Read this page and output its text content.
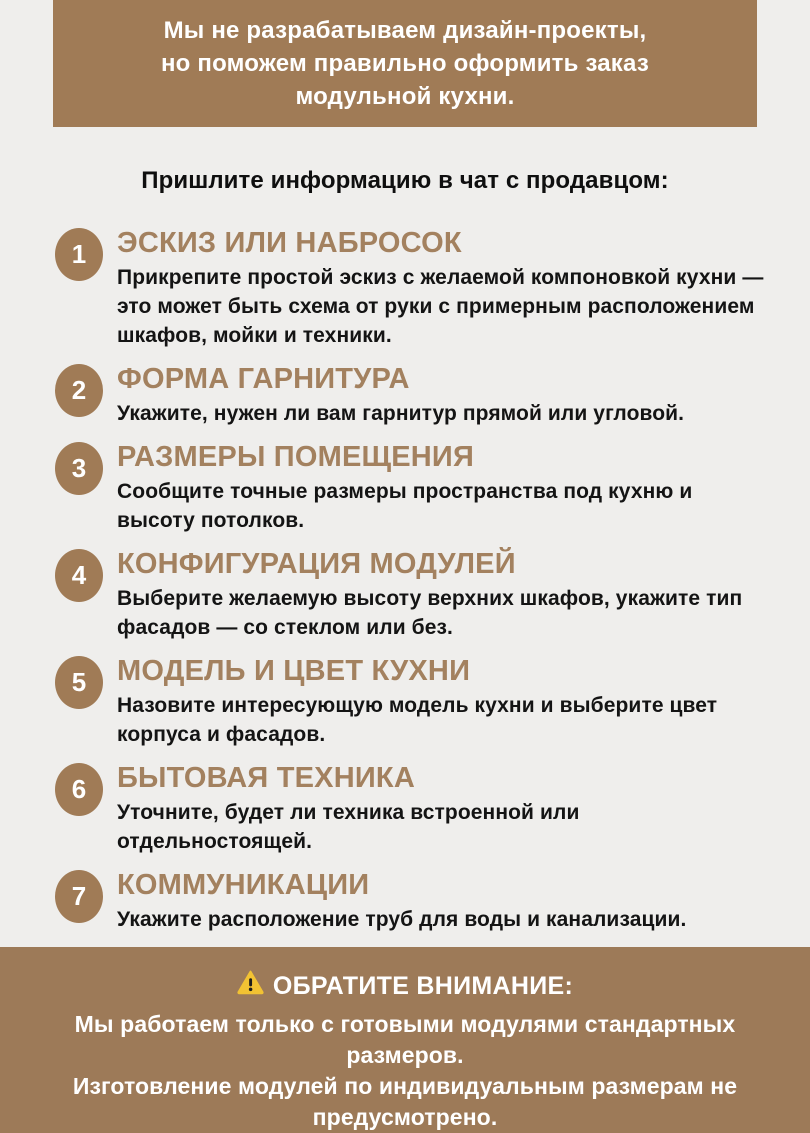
Мы не разрабатываем дизайн-проекты,
но поможем правильно оформить заказ
модульной кухни.
Пришлите информацию в чат с продавцом:
1	ЭСКИЗ ИЛИ НАБРОСОК

Прикрепите простой эскиз с желаемой компоновкой кухни — это может быть схема от руки с примерным расположением шкафов, мойки и техники.

2	ФОРМА ГАРНИТУРА

Укажите, нужен ли вам гарнитур прямой или угловой.

3	РАЗМЕРЫ ПОМЕЩЕНИЯ

Сообщите точные размеры пространства под кухню и высоту потолков.

4	КОНФИГУРАЦИЯ МОДУЛЕЙ

Выберите желаемую высоту верхних шкафов, укажите тип фасадов — со стеклом или без.

5	МОДЕЛЬ И ЦВЕТ КУХНИ

Назовите интересующую модель кухни и выберите цвет корпуса и фасадов.

6	БЫТОВАЯ ТЕХНИКА

Уточните, будет ли техника встроенной или отдельностоящей.

7	КОММУНИКАЦИИ

Укажите расположение труб для воды и канализации.

ОБРАТИТЕ ВНИМАНИЕ:
Мы работаем только с готовыми модулями стандартных размеров.
Изготовление модулей по индивидуальным размерам не
предусмотрено.
